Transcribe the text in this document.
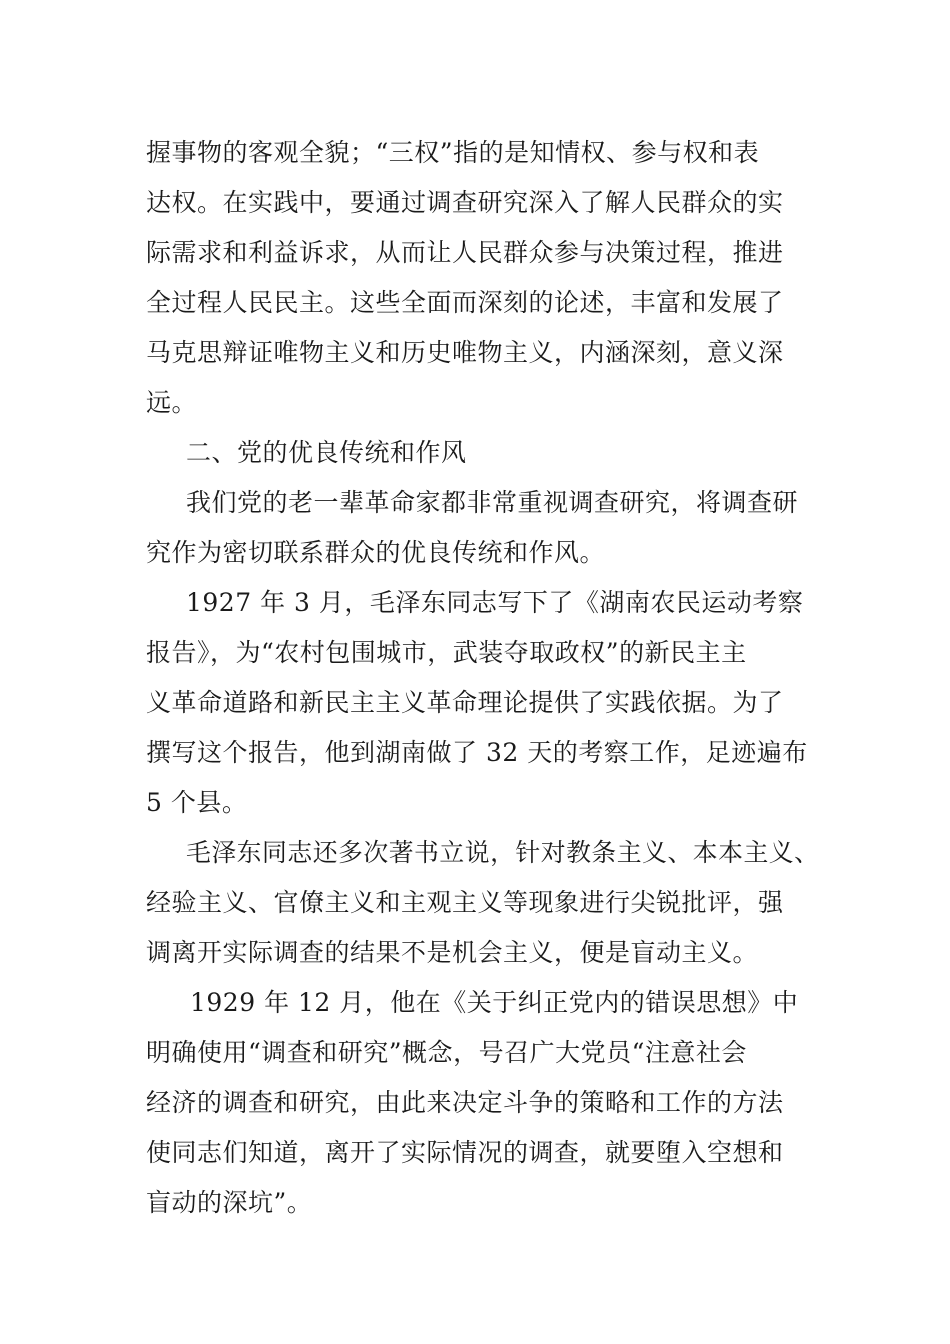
握事物的客观全貌；“三权”指的是知情权、参与权和表
达权。在实践中，要通过调查研究深入了解人民群众的实
际需求和利益诉求，从而让人民群众参与决策过程，推进
全过程人民民主。这些全面而深刻的论述，丰富和发展了
马克思辩证唯物主义和历史唯物主义，内涵深刻，意义深
远。
二、党的优良传统和作风
我们党的老一辈革命家都非常重视调查研究，将调查研
究作为密切联系群众的优良传统和作风。
1927 年 3 月，毛泽东同志写下了《湖南农民运动考察
报告》，为“农村包围城市，武装夺取政权”的新民主主
义革命道路和新民主主义革命理论提供了实践依据。为了
撰写这个报告，他到湖南做了 32 天的考察工作，足迹遍布
5 个县。
毛泽东同志还多次著书立说，针对教条主义、本本主义、
经验主义、官僚主义和主观主义等现象进行尖锐批评，强
调离开实际调查的结果不是机会主义，便是盲动主义。
1929 年 12 月，他在《关于纠正党内的错误思想》中
明确使用“调查和研究”概念，号召广大党员“注意社会
经济的调查和研究，由此来决定斗争的策略和工作的方法
使同志们知道，离开了实际情况的调查，就要堕入空想和
盲动的深坑”。
